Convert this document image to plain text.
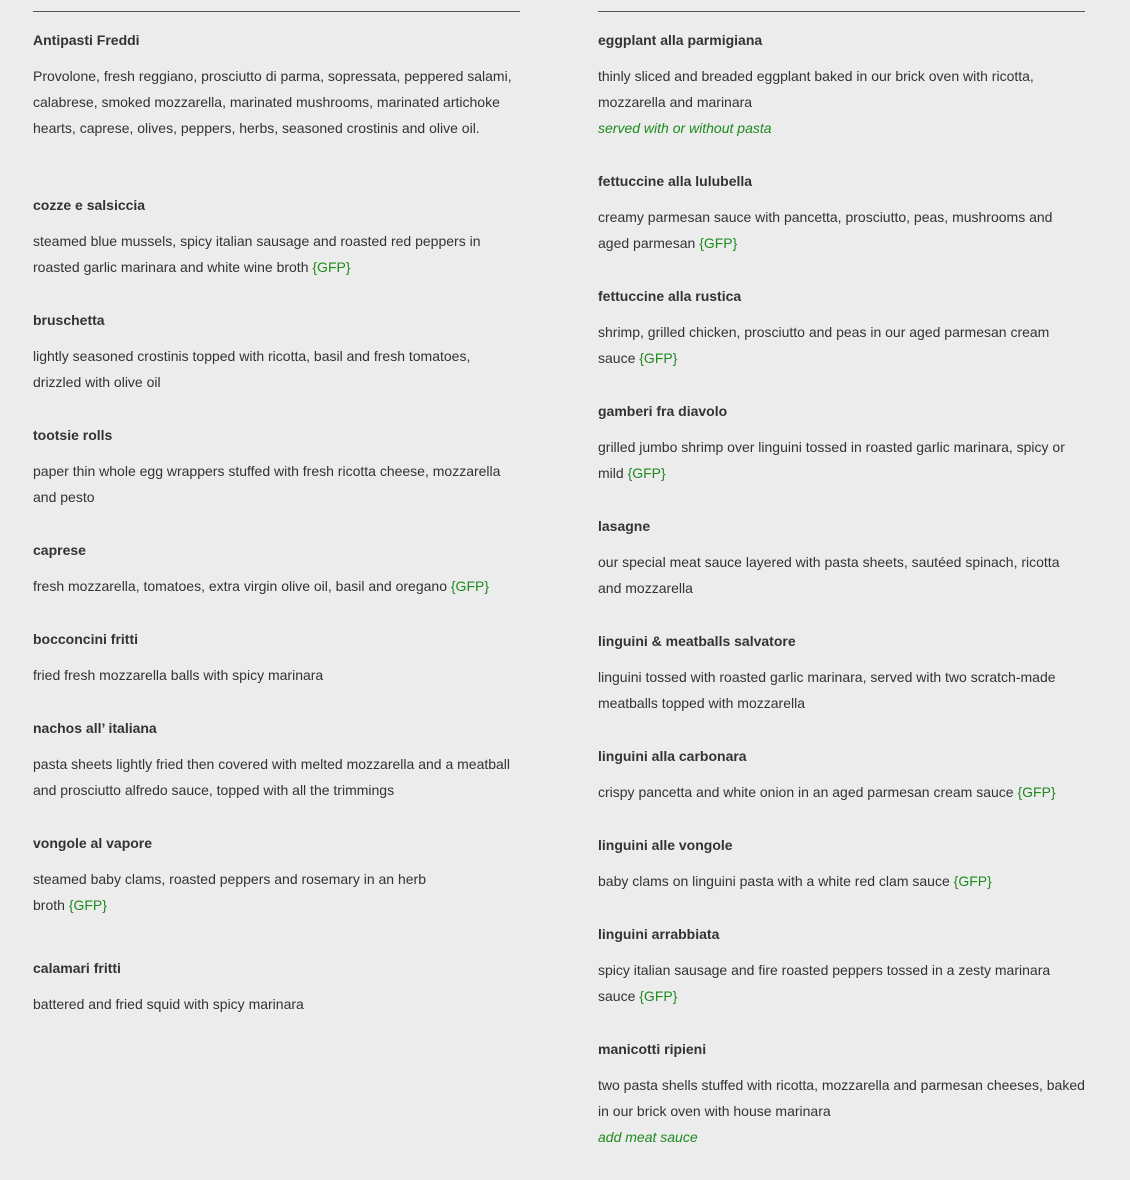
Antipasti Freddi

Provolone, fresh reggiano, prosciutto di parma, sopressata, peppered salami, calabrese, smoked mozzarella, marinated mushrooms, marinated artichoke hearts, caprese, olives, peppers, herbs, seasoned crostinis and olive oil.

cozze e salsiccia

steamed blue mussels, spicy italian sausage and roasted red peppers in roasted garlic marinara and white wine broth {GFP}

bruschetta

lightly seasoned crostinis topped with ricotta, basil and fresh tomatoes, drizzled with olive oil

tootsie rolls

paper thin whole egg wrappers stuffed with fresh ricotta cheese, mozzarella and pesto

caprese

fresh mozzarella, tomatoes, extra virgin olive oil, basil and oregano {GFP}

bocconcini fritti

fried fresh mozzarella balls with spicy marinara

nachos all’ italiana

pasta sheets lightly fried then covered with melted mozzarella and a meatball and prosciutto alfredo sauce, topped with all the trimmings

vongole al vapore

steamed baby clams, roasted peppers and rosemary in an herb broth {GFP}

calamari fritti

battered and fried squid with spicy marinara

eggplant alla parmigiana

thinly sliced and breaded eggplant baked in our brick oven with ricotta, mozzarella and marinara

served with or without pasta
fettuccine alla lulubella

creamy parmesan sauce with pancetta, prosciutto, peas, mushrooms and aged parmesan {GFP}

fettuccine alla rustica

shrimp, grilled chicken, prosciutto and peas in our aged parmesan cream sauce {GFP}

gamberi fra diavolo

grilled jumbo shrimp over linguini tossed in roasted garlic marinara, spicy or mild {GFP}

lasagne

our special meat sauce layered with pasta sheets, sautéed spinach, ricotta and mozzarella

linguini & meatballs salvatore

linguini tossed with roasted garlic marinara, served with two scratch-made meatballs topped with mozzarella

linguini alla carbonara

crispy pancetta and white onion in an aged parmesan cream sauce {GFP}

linguini alle vongole

baby clams on linguini pasta with a white red clam sauce {GFP}

linguini arrabbiata

spicy italian sausage and fire roasted peppers tossed in a zesty marinara sauce {GFP}

manicotti ripieni

two pasta shells stuffed with ricotta, mozzarella and parmesan cheeses, baked in our brick oven with house marinara

add meat sauce
